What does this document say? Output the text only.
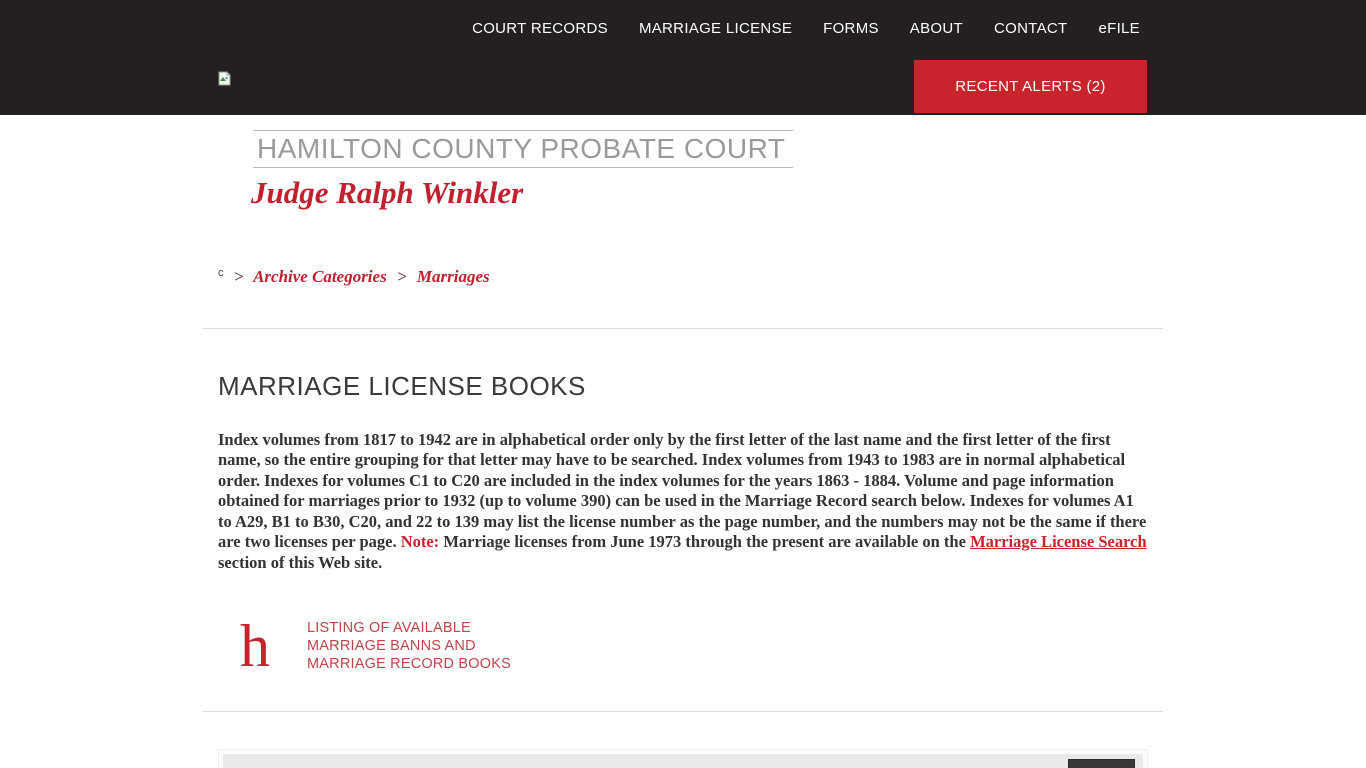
COURT RECORDS MARRIAGE LICENSE FORMS ABOUT CONTACT eFILE
RECENT ALERTS (2)
HAMILTON COUNTY PROBATE COURT
Judge Ralph Winkler
$^c$ > Archive Categories > Marriages
MARRIAGE LICENSE BOOKS

Index volumes from 1817 to 1942 are in alphabetical order only by the first letter of the last name and the first letter of the first name, so the entire grouping for that letter may have to be searched. Index volumes from 1943 to 1983 are in normal alphabetical order. Indexes for volumes C1 to C20 are included in the index volumes for the years 1863 - 1884. Volume and page information obtained for marriages prior to 1932 (up to volume 390) can be used in the Marriage Record search below. Indexes for volumes A1 to A29, B1 to B30, C20, and 22 to 139 may list the license number as the page number, and the numbers may not be the same if there are two licenses per page. Note: Marriage licenses from June 1973 through the present are available on the Marriage License Search section of this Web site.

h	LISTING OF AVAILABLE
MARRIAGE BANNS AND
MARRIAGE RECORD BOOKS
